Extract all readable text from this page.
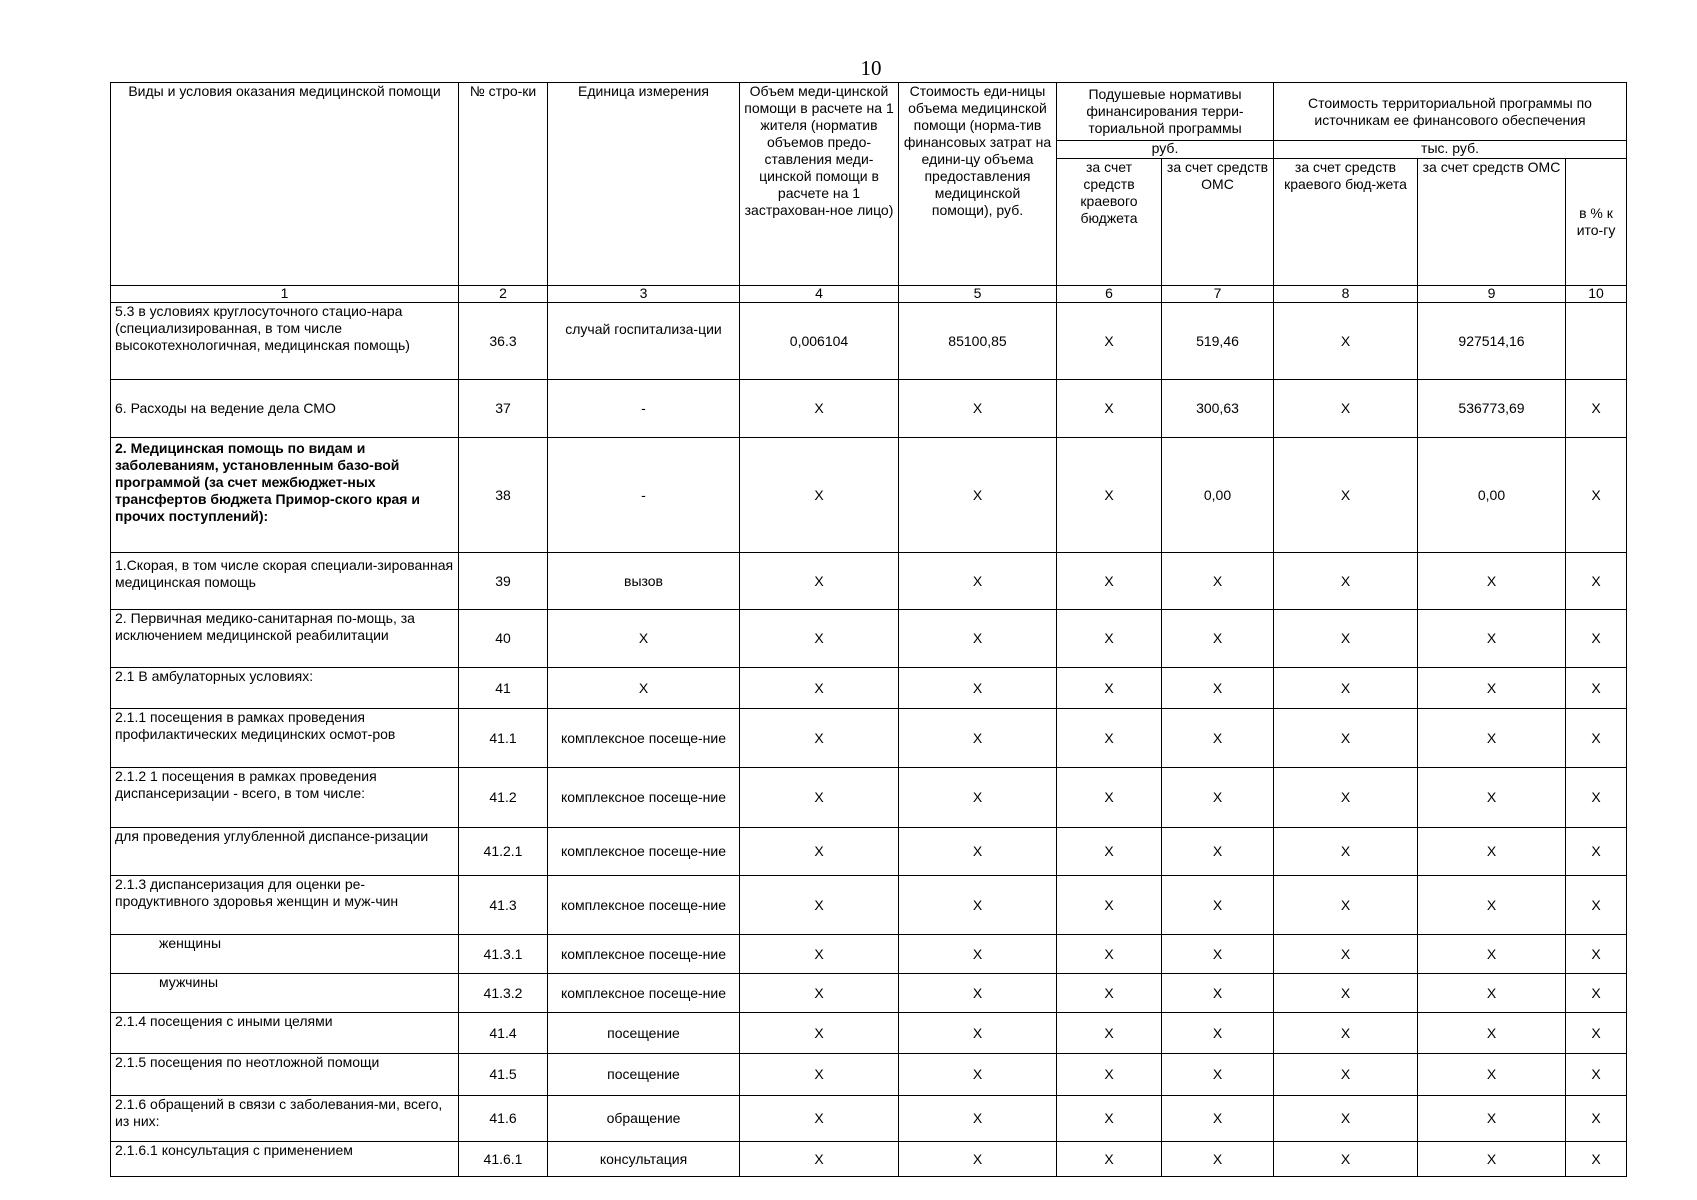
10
Виды и условия оказания медицинской помощи	№ стро-ки	Единица измерения	Объем меди-цинской помощи в расчете на 1 жителя (норматив объемов предо-ставления меди-цинской помощи в расчете на 1 застрахован-ное лицо)	Стоимость еди-ницы объема медицинской помощи (норма-тив финансовых затрат на едини-цу объема предоставления медицинской помощи), руб.	Подушевые нормативы финансирования терри-ториальной программы		Стоимость территориальной программы по источникам ее финансового обеспечения		
					руб.		тыс. руб.		

					за счет средств краевого бюджета	за счет средств ОМС	за счет средств краевого бюд-жета	за счет средств ОМС	в % к ито-гу

1	2	3	4	5	6	7	8	9	10
5.3 в условиях круглосуточного стацио-нара (специализированная, в том числе высокотехнологичная, медицинская помощь)	36.3	случай госпитализа-ции	0,006104	85100,85	X	519,46	X	927514,16	
6. Расходы на ведение дела СМО	37	-	X	X	X	300,63	X	536773,69	X
2. Медицинская помощь по видам и заболеваниям, установленным базо-вой программой (за счет межбюджет-ных трансфертов бюджета Примор-ского края и прочих поступлений):	38	-	X	X	X	0,00	X	0,00	X
1.Скорая, в том числе скорая специали-зированная медицинская помощь	39	вызов	X	X	X	X	X	X	X
2. Первичная медико-санитарная по-мощь, за исключением медицинской реабилитации	40	X	X	X	X	X	X	X	X
2.1 В амбулаторных условиях:	41	X	X	X	X	X	X	X	X
2.1.1 посещения в рамках проведения профилактических медицинских осмот-ров	41.1	комплексное посеще-ние	X	X	X	X	X	X	X
2.1.2 1 посещения в рамках проведения диспансеризации - всего, в том числе:	41.2	комплексное посеще-ние	X	X	X	X	X	X	X
для проведения углубленной диспансе-ризации	41.2.1	комплексное посеще-ние	X	X	X	X	X	X	X
2.1.3 диспансеризация для оценки ре-продуктивного здоровья женщин и муж-чин	41.3	комплексное посеще-ние	X	X	X	X	X	X	X
женщины	41.3.1	комплексное посеще-ние	X	X	X	X	X	X	X
мужчины	41.3.2	комплексное посеще-ние	X	X	X	X	X	X	X
2.1.4 посещения с иными целями	41.4	посещение	X	X	X	X	X	X	X
2.1.5 посещения по неотложной помощи	41.5	посещение	X	X	X	X	X	X	X
2.1.6 обращений в связи с заболевания-ми, всего, из них:	41.6	обращение	X	X	X	X	X	X	X
2.1.6.1 консультация с применением	41.6.1	консультация	X	X	X	X	X	X	X
